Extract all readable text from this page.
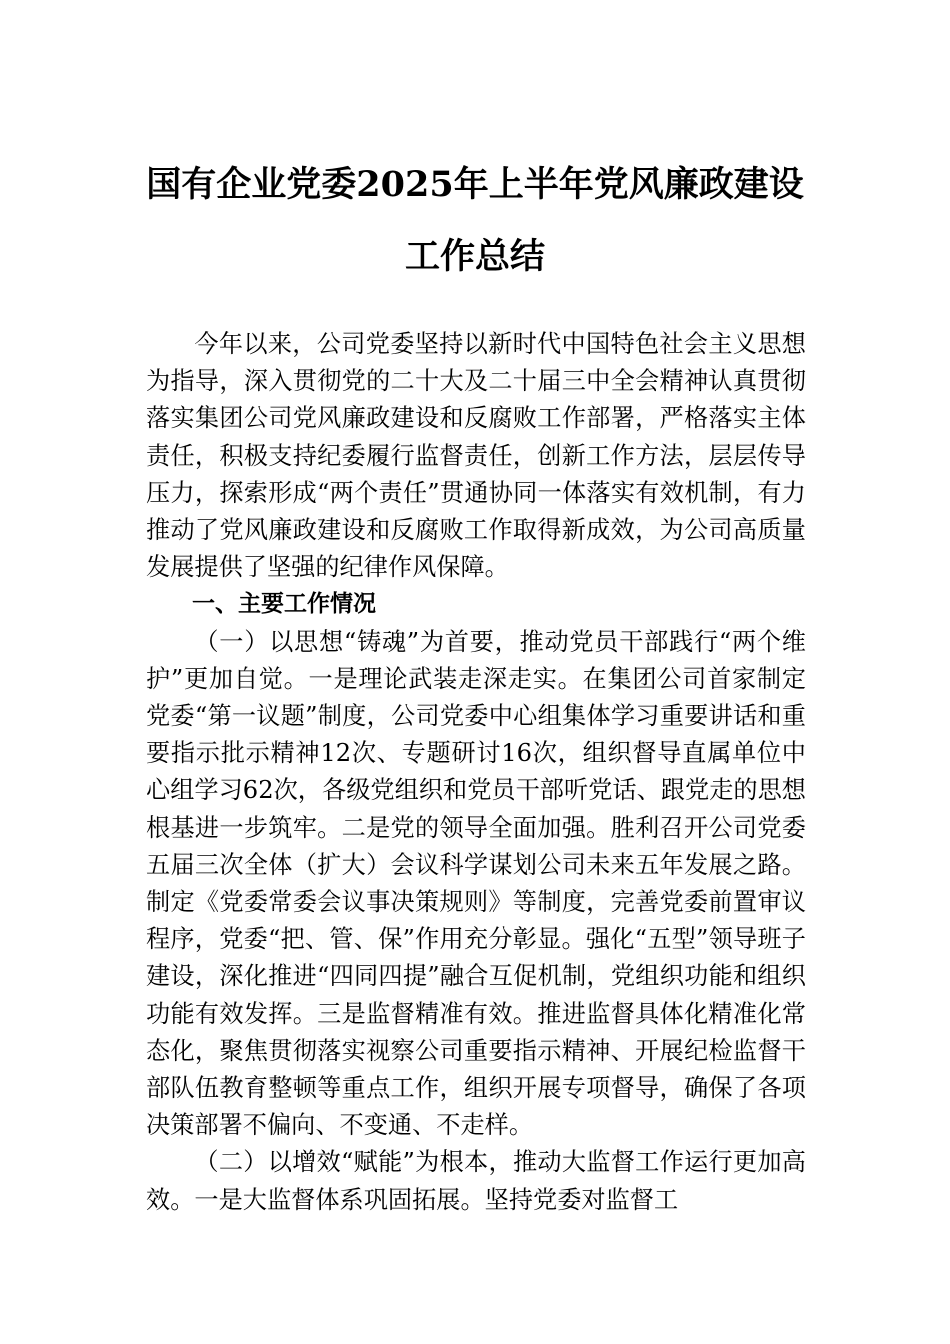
国有企业党委2025年上半年党风廉政建设
工作总结

今年以来，公司党委坚持以新时代中国特色社会主义思想为指导，深入贯彻党的二十大及二十届三中全会精神认真贯彻落实集团公司党风廉政建设和反腐败工作部署，严格落实主体责任，积极支持纪委履行监督责任，创新工作方法，层层传导压力，探索形成“两个责任”贯通协同一体落实有效机制，有力推动了党风廉政建设和反腐败工作取得新成效，为公司高质量发展提供了坚强的纪律作风保障。

一、主要工作情况

（一）以思想“铸魂”为首要，推动党员干部践行“两个维护”更加自觉。一是理论武装走深走实。在集团公司首家制定党委“第一议题”制度，公司党委中心组集体学习重要讲话和重要指示批示精神12次、专题研讨16次，组织督导直属单位中心组学习62次，各级党组织和党员干部听党话、跟党走的思想根基进一步筑牢。二是党的领导全面加强。胜利召开公司党委五届三次全体（扩大）会议科学谋划公司未来五年发展之路。制定《党委常委会议事决策规则》等制度，完善党委前置审议程序，党委“把、管、保”作用充分彰显。强化“五型”领导班子建设，深化推进“四同四提”融合互促机制，党组织功能和组织功能有效发挥。三是监督精准有效。推进监督具体化精准化常态化，聚焦贯彻落实视察公司重要指示精神、开展纪检监督干部队伍教育整顿等重点工作，组织开展专项督导，确保了各项决策部署不偏向、不变通、不走样。

（二）以增效“赋能”为根本，推动大监督工作运行更加高效。一是大监督体系巩固拓展。坚持党委对监督工
